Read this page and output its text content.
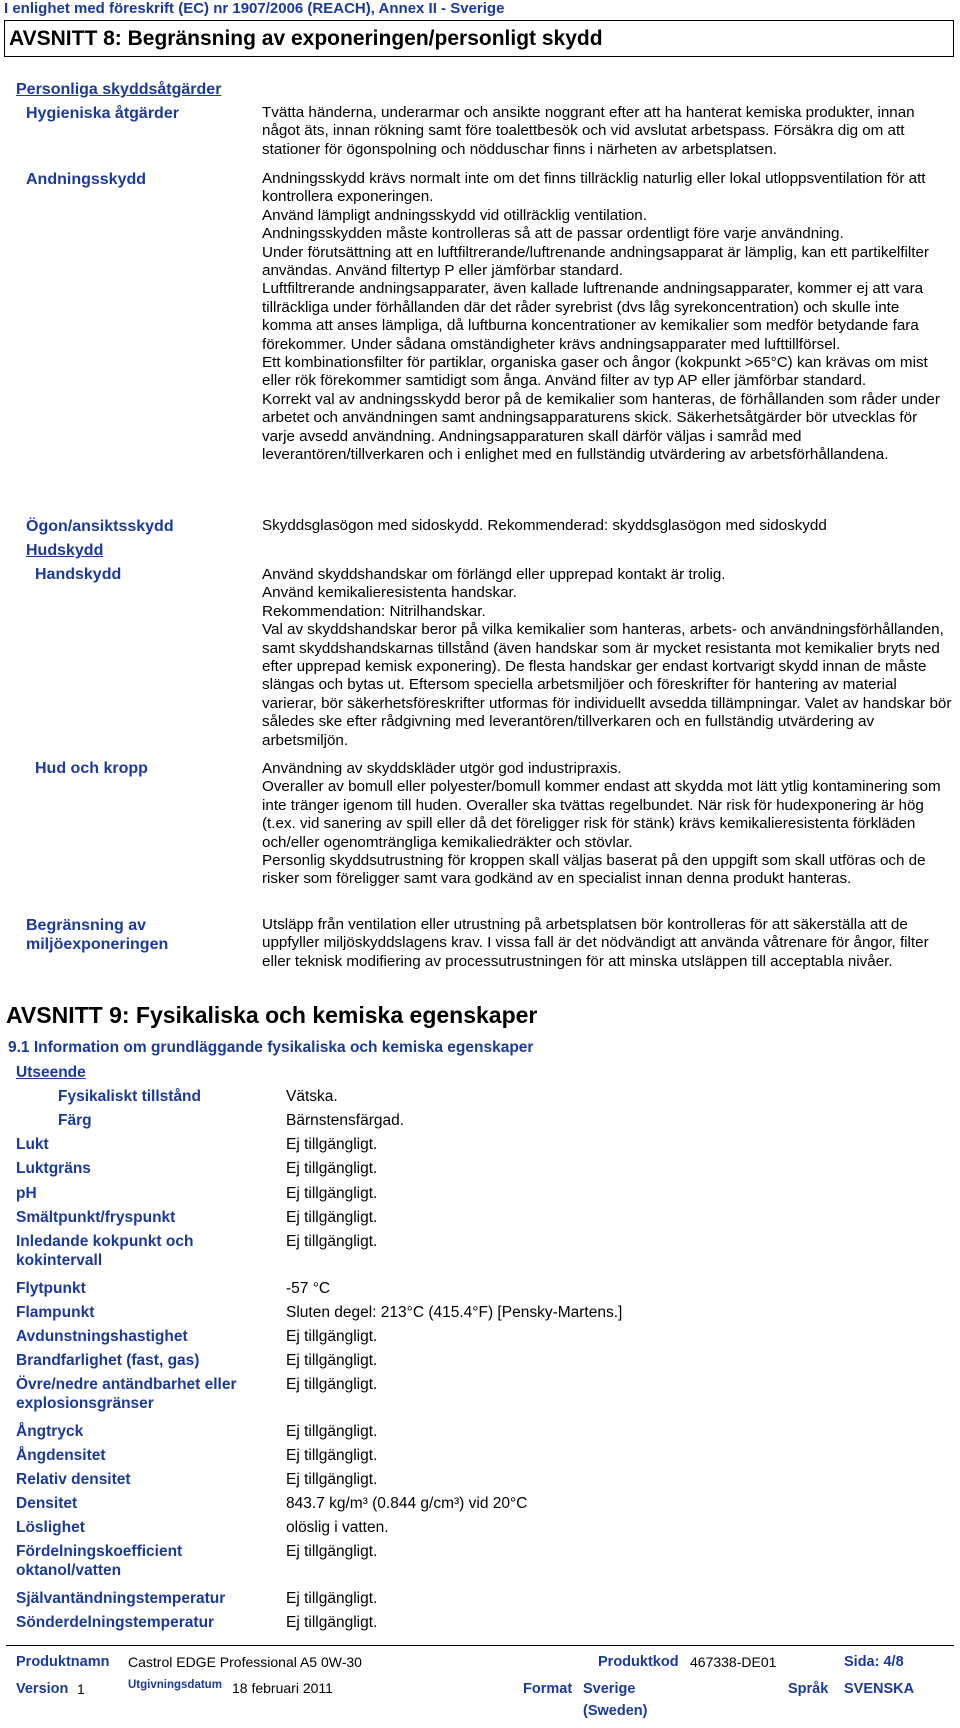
I enlighet med föreskrift (EC) nr 1907/2006 (REACH), Annex II - Sverige
AVSNITT 8: Begränsning av exponeringen/personligt skydd
Personliga skyddsåtgärder
Hygieniska åtgärder	Tvätta händerna, underarmar och ansikte noggrant efter att ha hanterat kemiska produkter, innan något äts, innan rökning samt före toalettbesök och vid avslutat arbetspass. Försäkra dig om att stationer för ögonspolning och nödduschar finns i närheten av arbetsplatsen.
Andningsskydd	Andningsskydd krävs normalt inte om det finns tillräcklig naturlig eller lokal utloppsventilation för att kontrollera exponeringen.

Använd lämpligt andningsskydd vid otillräcklig ventilation.

Andningsskydden måste kontrolleras så att de passar ordentligt före varje användning.

Under förutsättning att en luftfiltrerande/luftrenande andningsapparat är lämplig, kan ett partikelfilter användas. Använd filtertyp P eller jämförbar standard.

Luftfiltrerande andningsapparater, även kallade luftrenande andningsapparater, kommer ej att vara tillräckliga under förhållanden där det råder syrebrist (dvs låg syrekoncentration) och skulle inte komma att anses lämpliga, då luftburna koncentrationer av kemikalier som medför betydande fara förekommer. Under sådana omständigheter krävs andningsapparater med lufttillförsel.

Ett kombinationsfilter för partiklar, organiska gaser och ångor (kokpunkt >65°C) kan krävas om mist eller rök förekommer samtidigt som ånga. Använd filter av typ AP eller jämförbar standard.

Korrekt val av andningsskydd beror på de kemikalier som hanteras, de förhållanden som råder under arbetet och användningen samt andningsapparaturens skick. Säkerhetsåtgärder bör utvecklas för varje avsedd användning. Andningsapparaturen skall därför väljas i samråd med leverantören/tillverkaren och i enlighet med en fullständig utvärdering av arbetsförhållandena.

Ögon/ansiktsskydd	Skyddsglasögon med sidoskydd. Rekommenderad: skyddsglasögon med sidoskydd
Hudskydd
Handskydd	Använd skyddshandskar om förlängd eller upprepad kontakt är trolig.

Använd kemikalieresistenta handskar.

Rekommendation: Nitrilhandskar.

Val av skyddshandskar beror på vilka kemikalier som hanteras, arbets- och användningsförhållanden, samt skyddshandskarnas tillstånd (även handskar som är mycket resistanta mot kemikalier bryts ned efter upprepad kemisk exponering). De flesta handskar ger endast kortvarigt skydd innan de måste slängas och bytas ut. Eftersom speciella arbetsmiljöer och föreskrifter för hantering av material varierar, bör säkerhetsföreskrifter utformas för individuellt avsedda tillämpningar. Valet av handskar bör således ske efter rådgivning med leverantören/tillverkaren och en fullständig utvärdering av arbetsmiljön.

Hud och kropp	Användning av skyddskläder utgör god industripraxis.

Overaller av bomull eller polyester/bomull kommer endast att skydda mot lätt ytlig kontaminering som inte tränger igenom till huden. Overaller ska tvättas regelbundet. När risk för hudexponering är hög (t.ex. vid sanering av spill eller då det föreligger risk för stänk) krävs kemikalieresistenta förkläden och/eller ogenomträngliga kemikaliedräkter och stövlar.

Personlig skyddsutrustning för kroppen skall väljas baserat på den uppgift som skall utföras och de risker som föreligger samt vara godkänd av en specialist innan denna produkt hanteras.

Begränsning av miljöexponeringen
Utsläpp från ventilation eller utrustning på arbetsplatsen bör kontrolleras för att säkerställa att de uppfyller miljöskyddslagens krav. I vissa fall är det nödvändigt att använda våtrenare för ångor, filter eller teknisk modifiering av processutrustningen för att minska utsläppen till acceptabla nivåer.
AVSNITT 9: Fysikaliska och kemiska egenskaper
9.1 Information om grundläggande fysikaliska och kemiska egenskaper
Utseende
Fysikaliskt tillstånd	Vätska.
Färg	Bärnstensfärgad.
Lukt	Ej tillgängligt.
Luktgräns	Ej tillgängligt.
pH	Ej tillgängligt.
Smältpunkt/fryspunkt	Ej tillgängligt.
Inledande kokpunkt och kokintervall
Ej tillgängligt.
Flytpunkt	-57 °C
Flampunkt	Sluten degel: 213°C (415.4°F) [Pensky-Martens.]
Avdunstningshastighet	Ej tillgängligt.
Brandfarlighet (fast, gas)	Ej tillgängligt.
Övre/nedre antändbarhet eller explosionsgränser
Ej tillgängligt.
Ångtryck	Ej tillgängligt.
Ångdensitet	Ej tillgängligt.
Relativ densitet	Ej tillgängligt.
Densitet	843.7 kg/m³ (0.844 g/cm³) vid 20°C
Löslighet	olöslig i vatten.
Fördelningskoefficient oktanol/vatten
Ej tillgängligt.
Självantändningstemperatur	Ej tillgängligt.
Sönderdelningstemperatur	Ej tillgängligt.
Produktnamn Castrol EDGE Professional A5 0W-30	Produktkod 467338-DE01	Sida: 4/8
Version 1	Utgivningsdatum 18 februari 2011	Format Sverige
(Sweden)
Språk SVENSKA
